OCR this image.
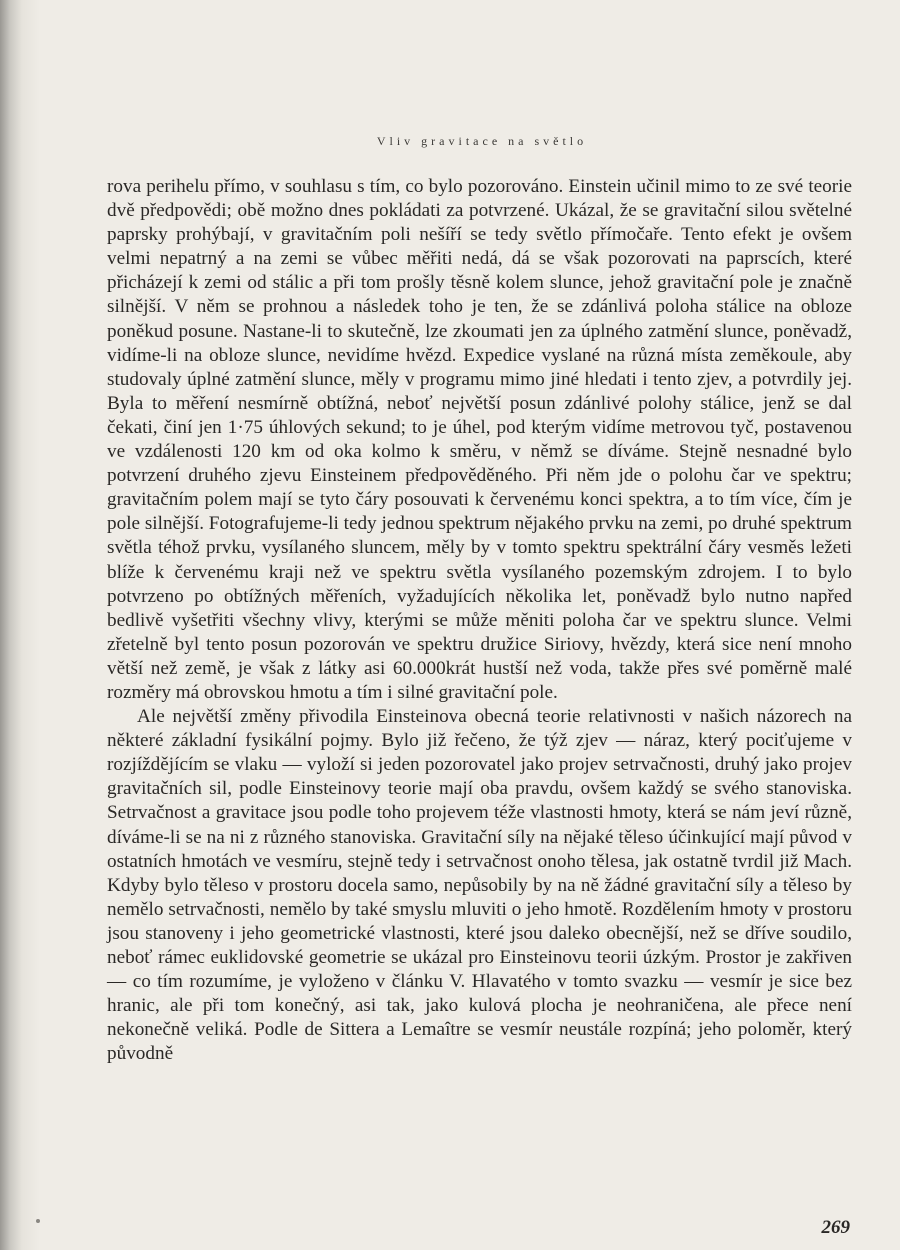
Vliv gravitace na světlo

rova perihelu přímo, v souhlasu s tím, co bylo pozorováno. Einstein učinil mimo to ze své teorie dvě předpovědi; obě možno dnes pokládati za potvrzené. Ukázal, že se gravitační silou světelné paprsky prohýbají, v gravitačním poli nešíří se tedy světlo přímočaře. Tento efekt je ovšem velmi nepatrný a na zemi se vůbec měřiti nedá, dá se však pozorovati na paprscích, které přicházejí k zemi od stálic a při tom prošly těsně kolem slunce, jehož gravitační pole je značně silnější. V něm se prohnou a následek toho je ten, že se zdánlivá poloha stálice na obloze poněkud posune. Nastane-li to skutečně, lze zkoumati jen za úplného zatmění slunce, poněvadž, vidíme-li na obloze slunce, nevidíme hvězd. Expedice vyslané na různá místa zeměkoule, aby studovaly úplné zatmění slunce, měly v programu mimo jiné hledati i tento zjev, a potvrdily jej. Byla to měření nesmírně obtížná, neboť největší posun zdánlivé polohy stálice, jenž se dal čekati, činí jen 1·75 úhlových sekund; to je úhel, pod kterým vidíme metrovou tyč, postavenou ve vzdálenosti 120 km od oka kolmo k směru, v němž se díváme. Stejně nesnadné bylo potvrzení druhého zjevu Einsteinem předpověděného. Při něm jde o polohu čar ve spektru; gravitačním polem mají se tyto čáry posouvati k červenému konci spektra, a to tím více, čím je pole silnější. Fotografujeme-li tedy jednou spektrum nějakého prvku na zemi, po druhé spektrum světla téhož prvku, vysílaného sluncem, měly by v tomto spektru spektrální čáry vesměs ležeti blíže k červenému kraji než ve spektru světla vysílaného pozemským zdrojem. I to bylo potvrzeno po obtížných měřeních, vyžadujících několika let, poněvadž bylo nutno napřed bedlivě vyšetřiti všechny vlivy, kterými se může měniti poloha čar ve spektru slunce. Velmi zřetelně byl tento posun pozorován ve spektru družice Siriovy, hvězdy, která sice není mnoho větší než země, je však z látky asi 60.000krát hustší než voda, takže přes své poměrně malé rozměry má obrovskou hmotu a tím i silné gravitační pole.

Ale největší změny přivodila Einsteinova obecná teorie relativnosti v našich názorech na některé základní fysikální pojmy. Bylo již řečeno, že týž zjev — náraz, který pociťujeme v rozjíždějícím se vlaku — vyloží si jeden pozorovatel jako projev setrvačnosti, druhý jako projev gravitačních sil, podle Einsteinovy teorie mají oba pravdu, ovšem každý se svého stanoviska. Setrvačnost a gravitace jsou podle toho projevem téže vlastnosti hmoty, která se nám jeví různě, díváme-li se na ni z různého stanoviska. Gravitační síly na nějaké těleso účinkující mají původ v ostatních hmotách ve vesmíru, stejně tedy i setrvačnost onoho tělesa, jak ostatně tvrdil již Mach. Kdyby bylo těleso v prostoru docela samo, nepůsobily by na ně žádné gravitační síly a těleso by nemělo setrvačnosti, nemělo by také smyslu mluviti o jeho hmotě. Rozdělením hmoty v prostoru jsou stanoveny i jeho geometrické vlastnosti, které jsou daleko obecnější, než se dříve soudilo, neboť rámec euklidovské geometrie se ukázal pro Einsteinovu teorii úzkým. Prostor je zakřiven — co tím rozumíme, je vyloženo v článku V. Hlavatého v tomto svazku — vesmír je sice bez hranic, ale při tom konečný, asi tak, jako kulová plocha je neohraničena, ale přece není nekonečně veliká. Podle de Sittera a Lemaître se vesmír neustále rozpíná; jeho poloměr, který původně

269
